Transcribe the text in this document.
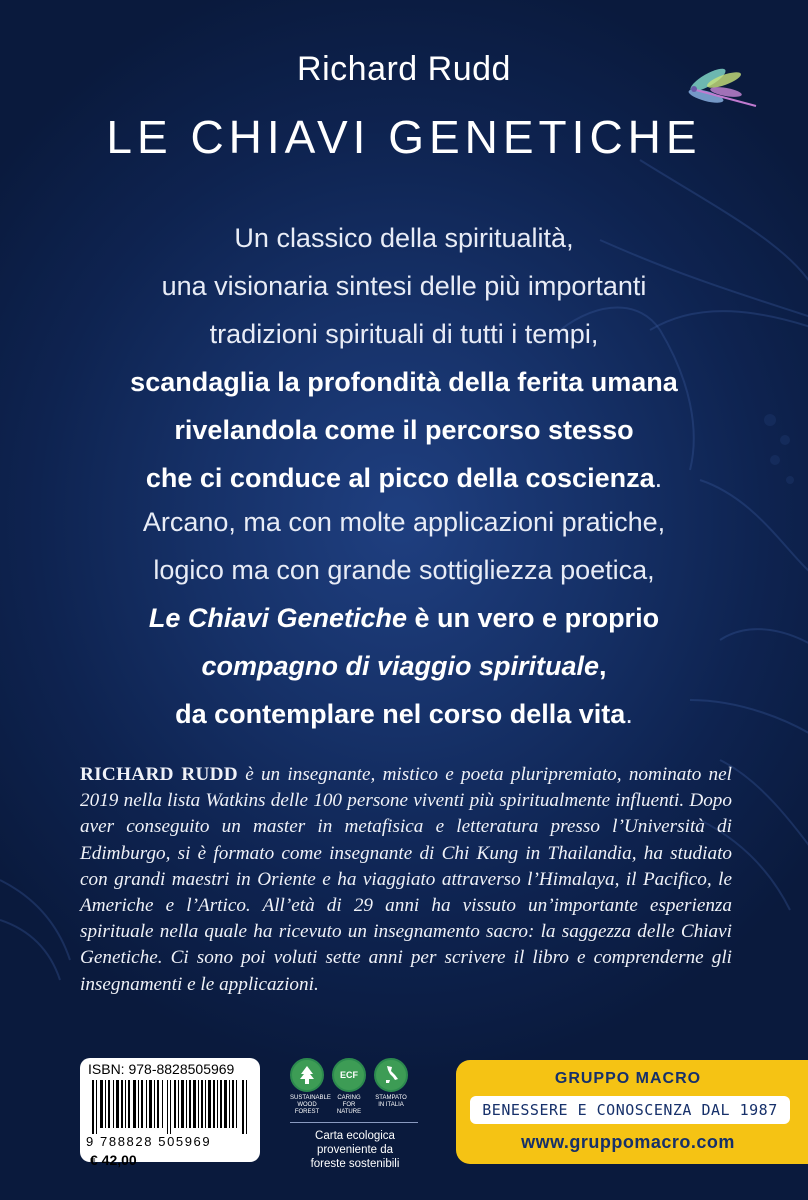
Richard Rudd
LE CHIAVI GENETICHE
Un classico della spiritualità,
una visionaria sintesi delle più importanti
tradizioni spirituali di tutti i tempi,
scandaglia la profondità della ferita umana
rivelandola come il percorso stesso
che ci conduce al picco della coscienza.
Arcano, ma con molte applicazioni pratiche,
logico ma con grande sottigliezza poetica,
Le Chiavi Genetiche è un vero e proprio
compagno di viaggio spirituale,
da contemplare nel corso della vita.
RICHARD RUDD è un insegnante, mistico e poeta pluripremiato, nominato nel 2019 nella lista Watkins delle 100 persone viventi più spiritualmente influenti. Dopo aver conseguito un master in metafisica e letteratura presso l’Università di Edimburgo, si è formato come insegnante di Chi Kung in Thailandia, ha studiato con grandi maestri in Oriente e ha viaggiato attraverso l’Himalaya, il Pacifico, le Americhe e l’Artico. All’età di 29 anni ha vissuto un’importante esperienza spirituale nella quale ha ricevuto un insegnamento sacro: la saggezza delle Chiavi Genetiche. Ci sono poi voluti sette anni per scrivere il libro e comprenderne gli insegnamenti e le applicazioni.
ISBN: 978-8828505969
9 788828 505969
€ 42,00
SUSTAINABLE WOOD FOREST
ECF
CARING FOR NATURE
STAMPATO IN ITALIA
Carta ecologica
proveniente da
foreste sostenibili
GRUPPO MACRO
BENESSERE E CONOSCENZA DAL 1987
www.gruppomacro.com
